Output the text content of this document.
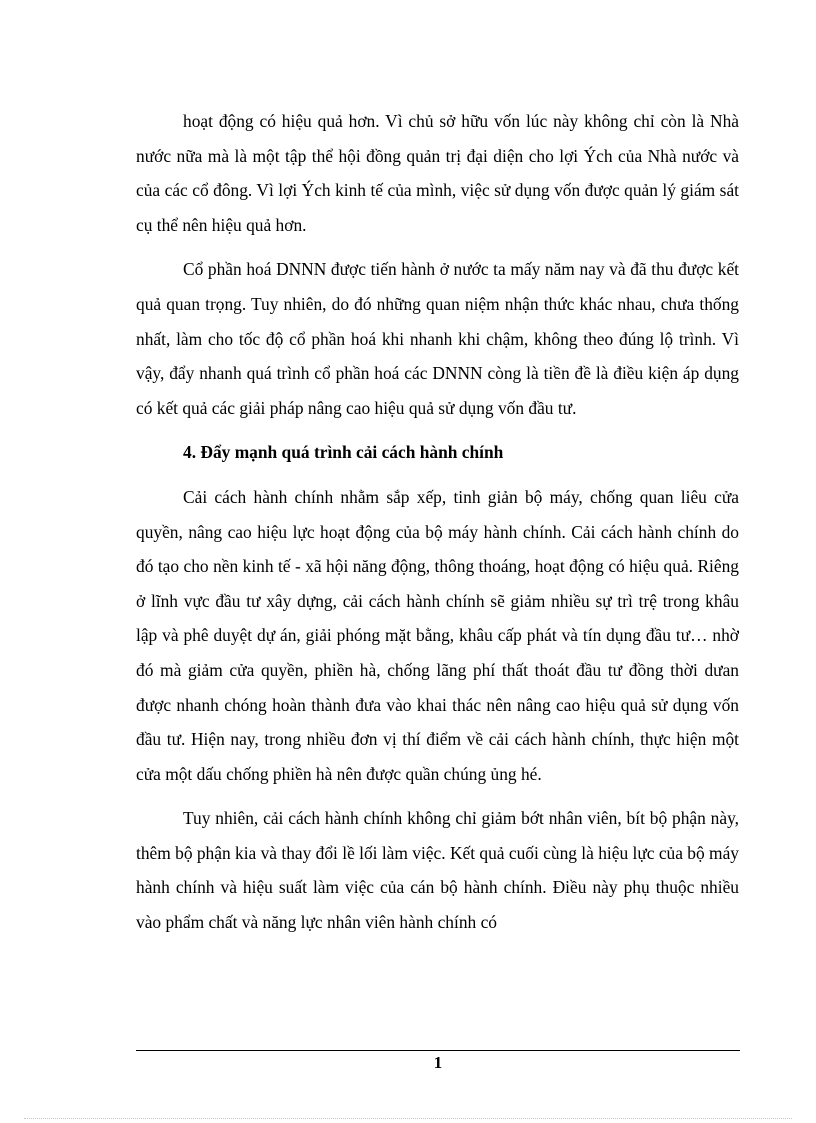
hoạt động có hiệu quả hơn. Vì chủ sở hữu vốn lúc này không chỉ còn là Nhà nước nữa mà là một tập thể hội đồng quản trị đại diện cho lợi Ých của Nhà nước và của các cổ đông. Vì lợi Ých kinh tế của mình, việc sử dụng vốn được quản lý giám sát cụ thể nên hiệu quả hơn.

Cổ phần hoá DNNN được tiến hành ở nước ta mấy năm nay và đã thu được kết quả quan trọng. Tuy nhiên, do đó những quan niệm nhận thức khác nhau, chưa thống nhất, làm cho tốc độ cổ phần hoá khi nhanh khi chậm, không theo đúng lộ trình. Vì vậy, đẩy nhanh quá trình cổ phần hoá các DNNN còng là tiền đề là điều kiện áp dụng có kết quả các giải pháp nâng cao hiệu quả sử dụng vốn đầu tư.

4. Đẩy mạnh quá trình cải cách hành chính

Cải cách hành chính nhằm sắp xếp, tinh giản bộ máy, chống quan liêu cửa quyền, nâng cao hiệu lực hoạt động của bộ máy hành chính. Cải cách hành chính do đó tạo cho nền kinh tế - xã hội năng động, thông thoáng, hoạt động có hiệu quả. Riêng ở lĩnh vực đầu tư xây dựng, cải cách hành chính sẽ giảm nhiều sự trì trệ trong khâu lập và phê duyệt dự án, giải phóng mặt bằng, khâu cấp phát và tín dụng đầu tư… nhờ đó mà giảm cửa quyền, phiền hà, chống lãng phí thất thoát đầu tư đồng thời dưan được nhanh chóng hoàn thành đưa vào khai thác nên nâng cao hiệu quả sử dụng vốn đầu tư. Hiện nay, trong nhiều đơn vị thí điểm về cải cách hành chính, thực hiện một cửa một dấu chống phiền hà nên được quần chúng ủng hé.

Tuy nhiên, cải cách hành chính không chỉ giảm bớt nhân viên, bít bộ phận này, thêm bộ phận kia và thay đổi lề lối làm việc. Kết quả cuối cùng là hiệu lực của bộ máy hành chính và hiệu suất làm việc của cán bộ hành chính. Điều này phụ thuộc nhiều vào phẩm chất và năng lực nhân viên hành chính có

1
